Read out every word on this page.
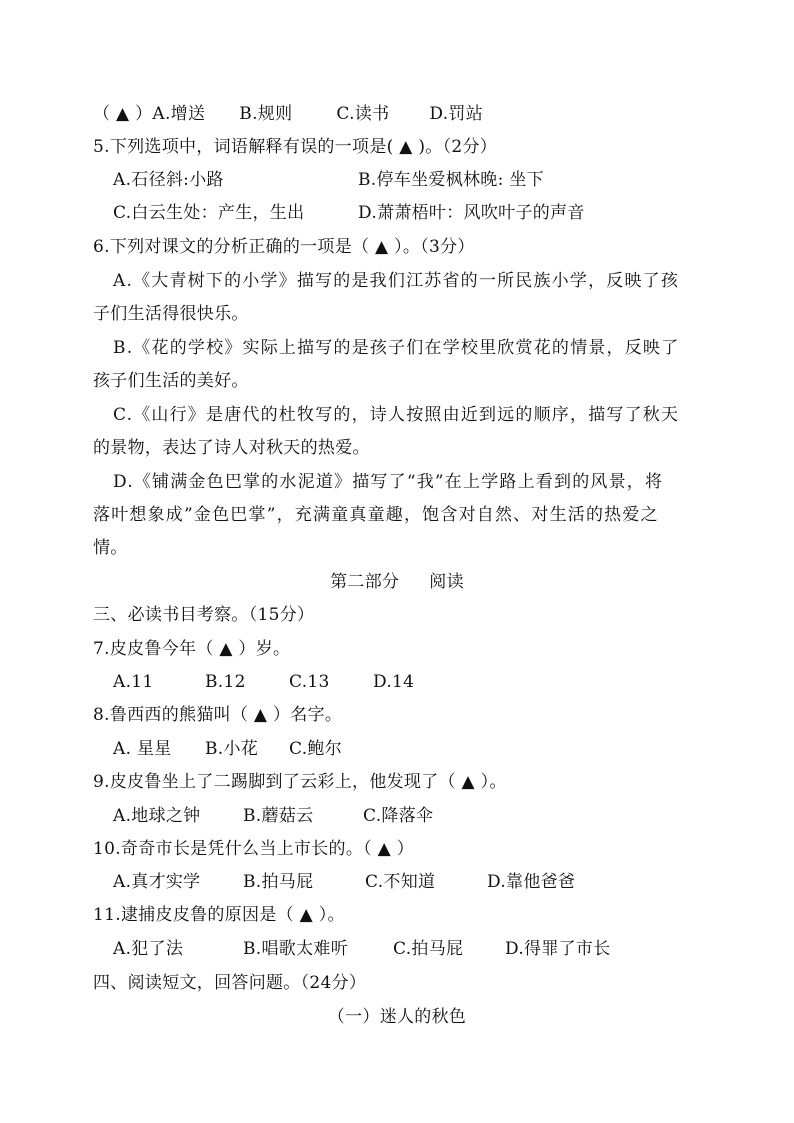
（ ▲ ）A.增送 B.规则	C.读书 D.罚站
5.下列选项中，词语解释有误的一项是( ▲ )。（2分）
A.石径斜:小路	B.停车坐爱枫林晚: 坐下
C.白云生处：产生，生出	D.萧萧梧叶：风吹叶子的声音
6.下列对课文的分析正确的一项是（ ▲ ）。（3分）
A.《大青树下的小学》描写的是我们江苏省的一所民族小学，反映了孩
子们生活得很快乐。
B.《花的学校》实际上描写的是孩子们在学校里欣赏花的情景，反映了
孩子们生活的美好。
C.《山行》是唐代的杜牧写的，诗人按照由近到远的顺序，描写了秋天
的景物，表达了诗人对秋天的热爱。
D.《铺满金色巴掌的水泥道》描写了“我”在上学路上看到的风景，将
落叶想象成”金色巴掌”，充满童真童趣，饱含对自然、对生活的热爱之
情。
第二部分 阅读
三、必读书目考察。（15分）
7.皮皮鲁今年（ ▲ ）岁。
A.11	B.12	C.13	D.14
8.鲁西西的熊猫叫（ ▲ ）名字。
A. 星星 B.小花 C.鲍尔
9.皮皮鲁坐上了二踢脚到了云彩上，他发现了（ ▲ ）。
A.地球之钟	B.蘑菇云	C.降落伞
10.奇奇市长是凭什么当上市长的。（ ▲ ）
A.真才实学	B.拍马屁	C.不知道	D.靠他爸爸
11.逮捕皮皮鲁的原因是（ ▲ ）。
A.犯了法	B.唱歌太难听	C.拍马屁 D.得罪了市长
四、阅读短文，回答问题。（24分）
（一）迷人的秋色
